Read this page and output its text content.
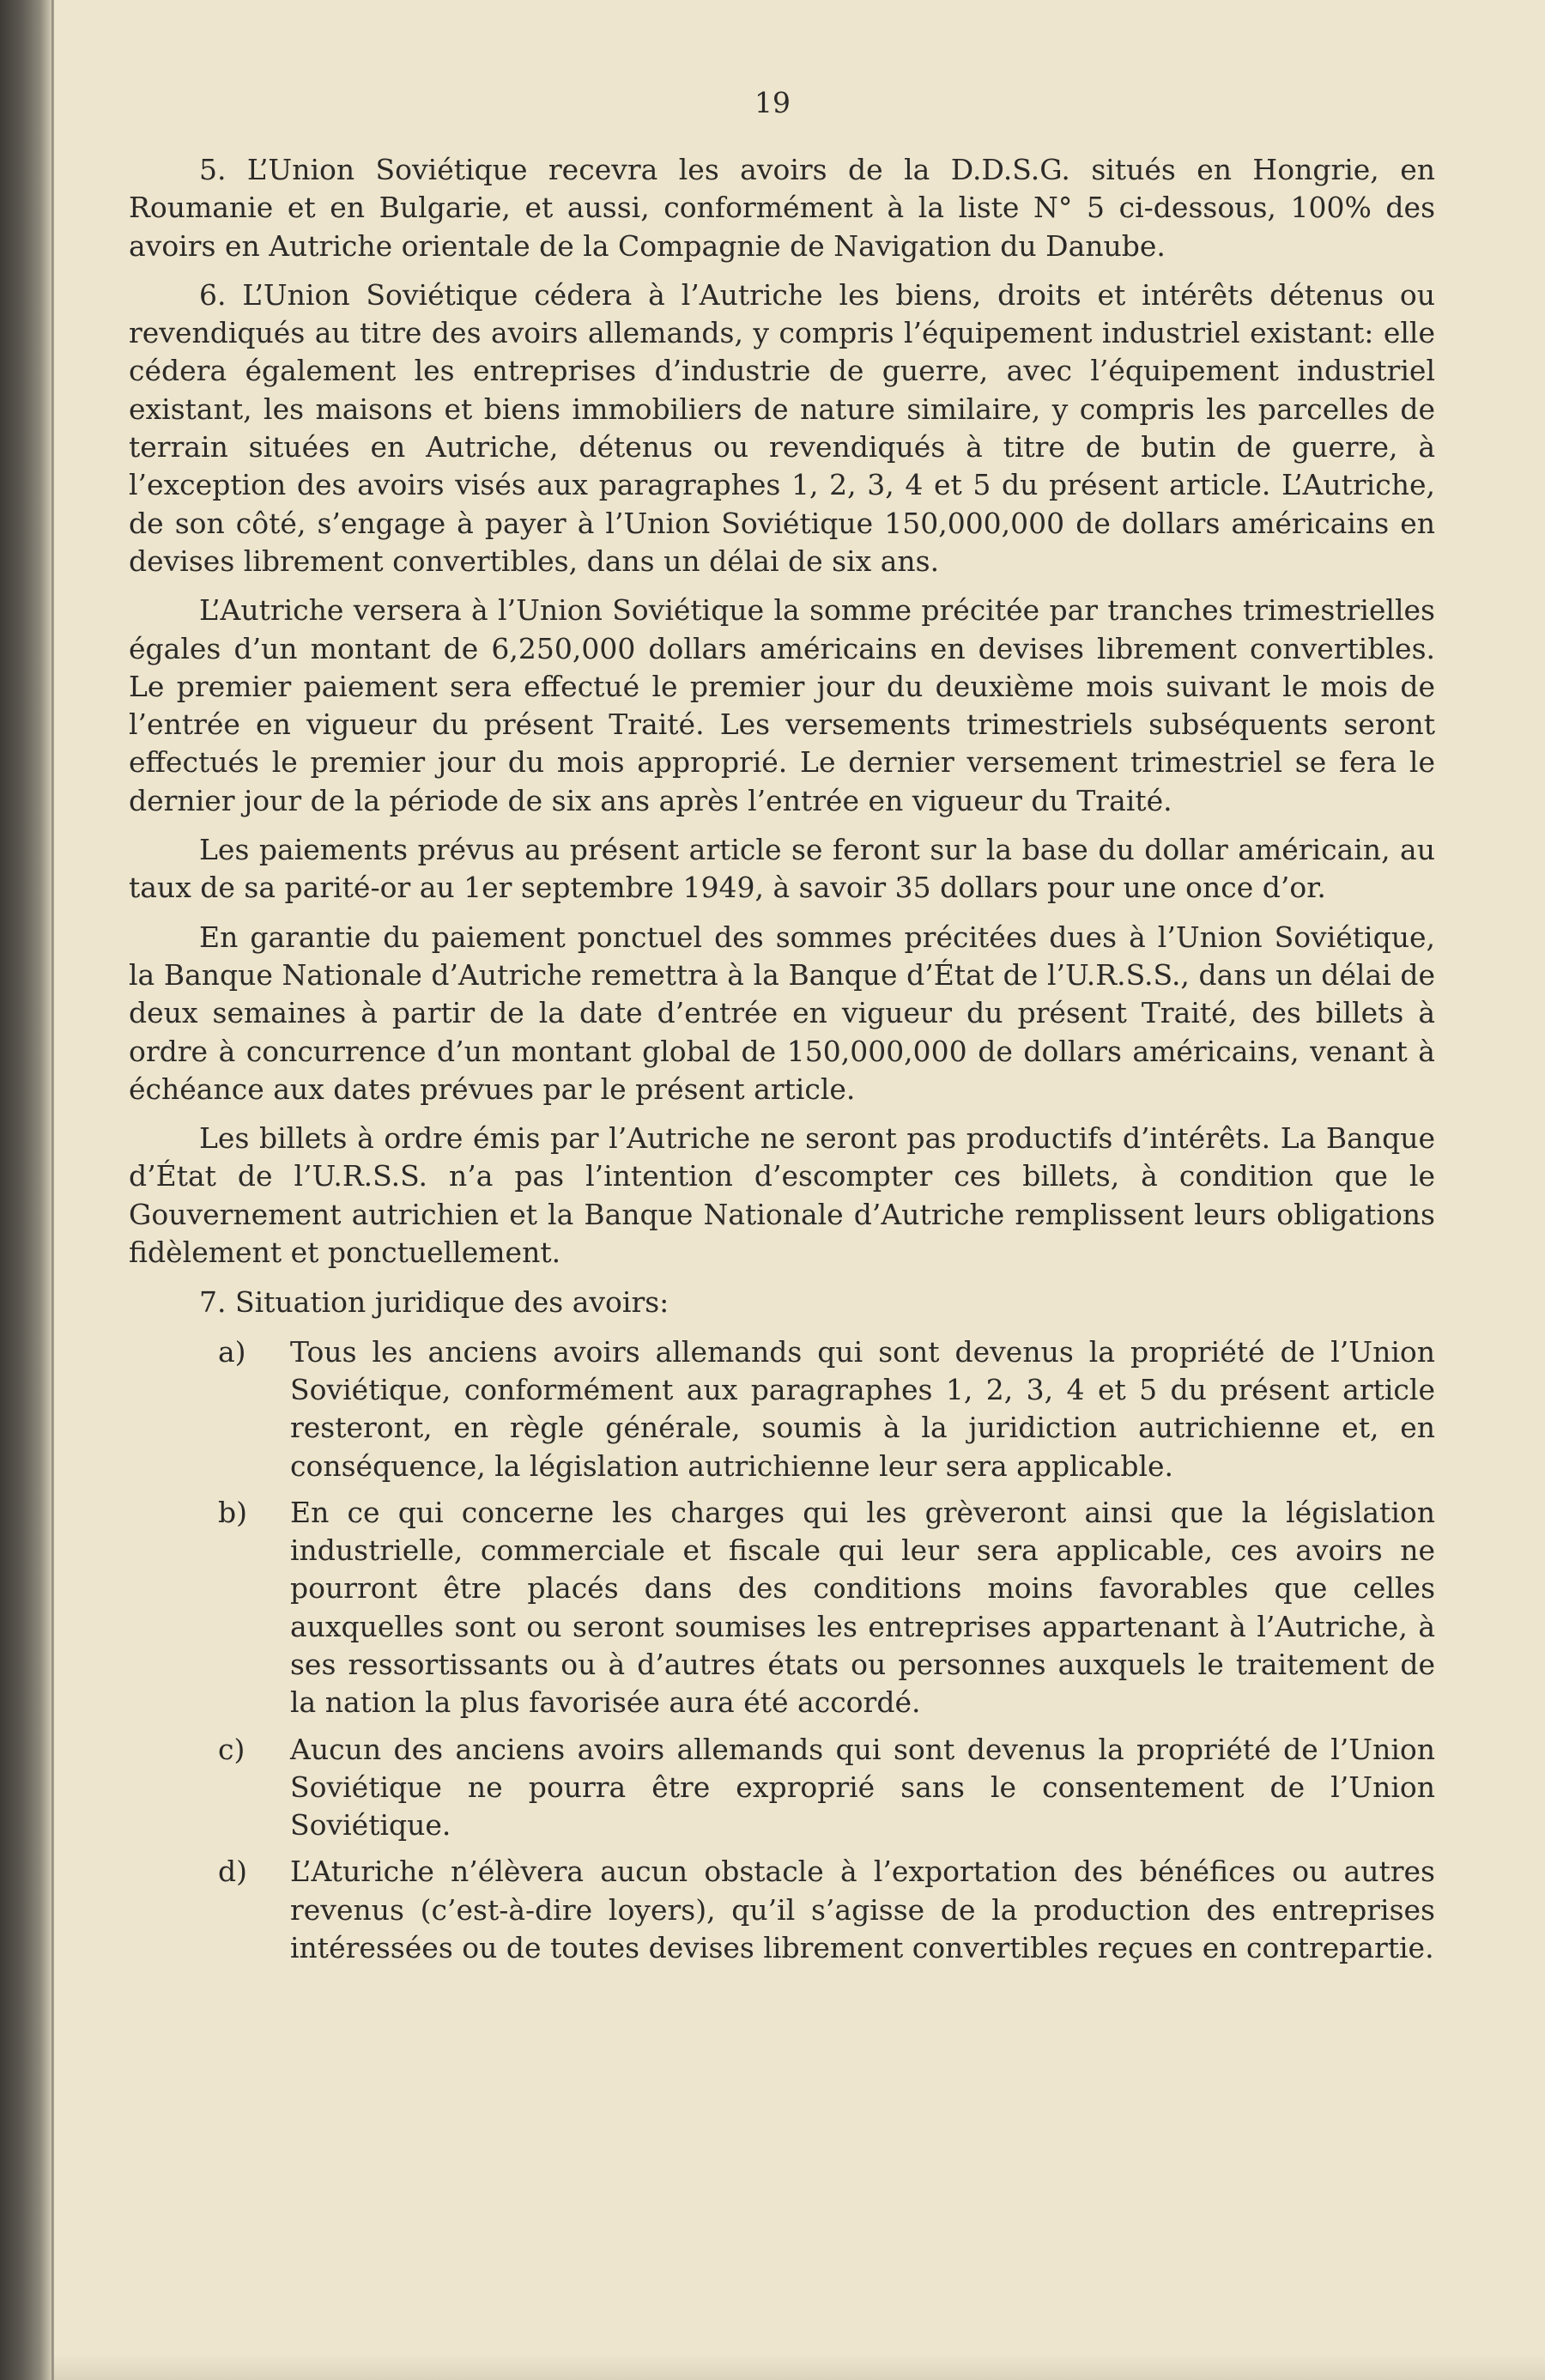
19

5. L’Union Soviétique recevra les avoirs de la D.D.S.G. situés en Hongrie, en Roumanie et en Bulgarie, et aussi, conformément à la liste N° 5 ci-dessous, 100% des avoirs en Autriche orientale de la Compagnie de Navigation du Danube.

6. L’Union Soviétique cédera à l’Autriche les biens, droits et intérêts détenus ou revendiqués au titre des avoirs allemands, y compris l’équipement industriel existant: elle cédera également les entreprises d’industrie de guerre, avec l’équipement industriel existant, les maisons et biens immobiliers de nature similaire, y compris les parcelles de terrain situées en Autriche, détenus ou revendiqués à titre de butin de guerre, à l’exception des avoirs visés aux paragraphes 1, 2, 3, 4 et 5 du présent article. L’Autriche, de son côté, s’engage à payer à l’Union Soviétique 150,000,000 de dollars américains en devises librement convertibles, dans un délai de six ans.

L’Autriche versera à l’Union Soviétique la somme précitée par tranches trimestrielles égales d’un montant de 6,250,000 dollars américains en devises librement convertibles. Le premier paiement sera effectué le premier jour du deuxième mois suivant le mois de l’entrée en vigueur du présent Traité. Les versements trimestriels subséquents seront effectués le premier jour du mois approprié. Le dernier versement trimestriel se fera le dernier jour de la période de six ans après l’entrée en vigueur du Traité.

Les paiements prévus au présent article se feront sur la base du dollar américain, au taux de sa parité-or au 1er septembre 1949, à savoir 35 dollars pour une once d’or.

En garantie du paiement ponctuel des sommes précitées dues à l’Union Soviétique, la Banque Nationale d’Autriche remettra à la Banque d’État de l’U.R.S.S., dans un délai de deux semaines à partir de la date d’entrée en vigueur du présent Traité, des billets à ordre à concurrence d’un montant global de 150,000,000 de dollars américains, venant à échéance aux dates prévues par le présent article.

Les billets à ordre émis par l’Autriche ne seront pas productifs d’intérêts. La Banque d’État de l’U.R.S.S. n’a pas l’intention d’escompter ces billets, à condition que le Gouvernement autrichien et la Banque Nationale d’Autriche remplissent leurs obligations fidèlement et ponctuellement.

7. Situation juridique des avoirs:

a)	Tous les anciens avoirs allemands qui sont devenus la propriété de l’Union Soviétique, conformément aux paragraphes 1, 2, 3, 4 et 5 du présent article resteront, en règle générale, soumis à la juridiction autrichienne et, en conséquence, la législation autrichienne leur sera applicable.
b)	En ce qui concerne les charges qui les grèveront ainsi que la législation industrielle, commerciale et fiscale qui leur sera applicable, ces avoirs ne pourront être placés dans des conditions moins favorables que celles auxquelles sont ou seront soumises les entreprises appartenant à l’Autriche, à ses ressortissants ou à d’autres états ou personnes auxquels le traitement de la nation la plus favorisée aura été accordé.
c)	Aucun des anciens avoirs allemands qui sont devenus la propriété de l’Union Soviétique ne pourra être exproprié sans le consentement de l’Union Soviétique.
d)	L’Aturiche n’élèvera aucun obstacle à l’exportation des bénéfices ou autres revenus (c’est-à-dire loyers), qu’il s’agisse de la production des entreprises intéressées ou de toutes devises librement convertibles reçues en contrepartie.
